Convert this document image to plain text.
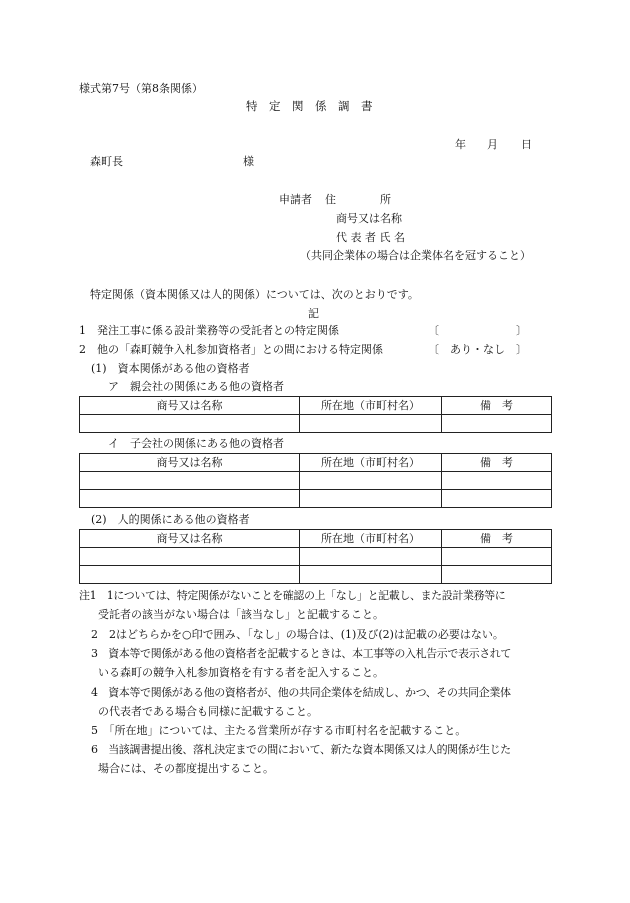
様式第7号（第8条関係）
特　定　関　係　調　書
年 月 日
森町長	様
申請者 住　　　　所
商号又は名称
代 表 者 氏 名
（共同企業体の場合は企業体名を冠すること）
特定関係（資本関係又は人的関係）については、次のとおりです。
記
1　発注工事に係る設計業務等の受託者との特定関係	〔　　　　　　　〕
2　他の「森町競争入札参加資格者」との間における特定関係	〔　あり・なし　〕
(1)　資本関係がある他の資格者
ア　親会社の関係にある他の資格者
商号又は名称	所在地（市町村名）	備　考

イ　子会社の関係にある他の資格者
商号又は名称	所在地（市町村名）	備　考

(2)　人的関係にある他の資格者
商号又は名称	所在地（市町村名）	備　考

注1　1については、特定関係がないことを確認の上「なし」と記載し、また設計業務等に
受託者の該当がない場合は「該当なし」と記載すること。
2　2はどちらかを○印で囲み、「なし」の場合は、(1)及び(2)は記載の必要はない。
3　資本等で関係がある他の資格者を記載するときは、本工事等の入札告示で表示されて
いる森町の競争入札参加資格を有する者を記入すること。
4　資本等で関係がある他の資格者が、他の共同企業体を結成し、かつ、その共同企業体
の代表者である場合も同様に記載すること。
5　「所在地」については、主たる営業所が存する市町村名を記載すること。
6　当該調書提出後、落札決定までの間において、新たな資本関係又は人的関係が生じた
場合には、その都度提出すること。
